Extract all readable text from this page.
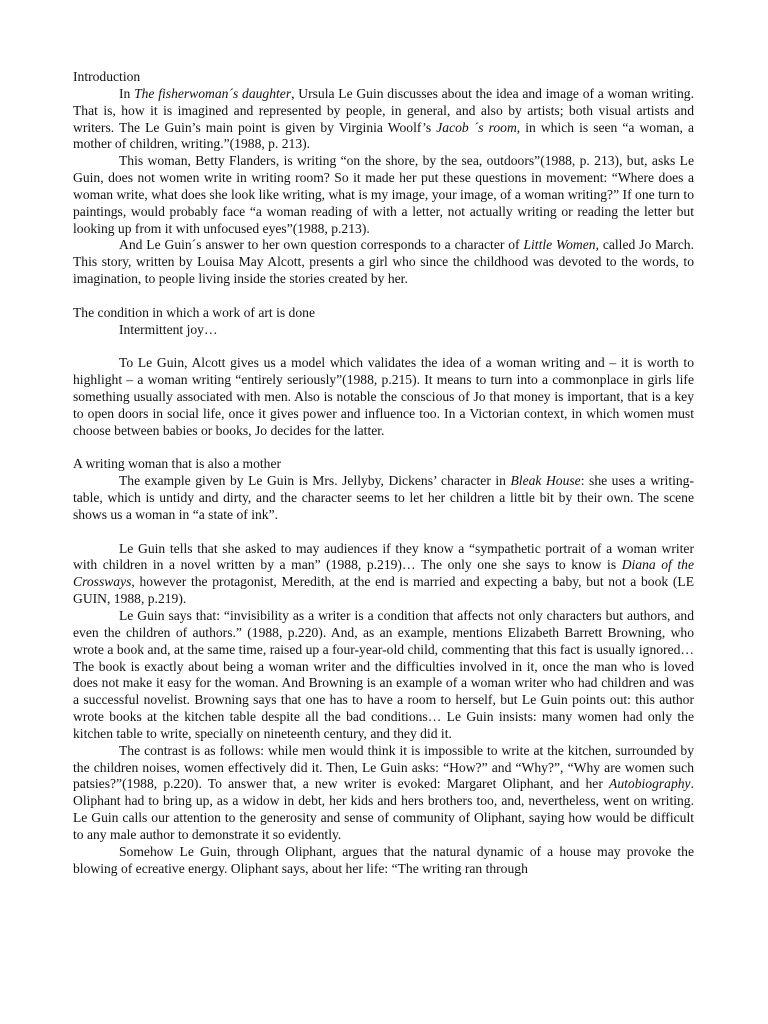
Introduction

In The fisherwoman´s daughter, Ursula Le Guin discusses about the idea and image of a woman writing. That is, how it is imagined and represented by people, in general, and also by artists; both visual artists and writers. The Le Guin’s main point is given by Virginia Woolf’s Jacob ´s room, in which is seen “a woman, a mother of children, writing.”(1988, p. 213).

This woman, Betty Flanders, is writing “on the shore, by the sea, outdoors”(1988, p. 213), but, asks Le Guin, does not women write in writing room? So it made her put these questions in movement: “Where does a woman write, what does she look like writing, what is my image, your image, of a woman writing?” If one turn to paintings, would probably face “a woman reading of with a letter, not actually writing or reading the letter but looking up from it with unfocused eyes”(1988, p.213).

And Le Guin´s answer to her own question corresponds to a character of Little Women, called Jo March. This story, written by Louisa May Alcott, presents a girl who since the childhood was devoted to the words, to imagination, to people living inside the stories created by her.

The condition in which a work of art is done

Intermittent joy…

To Le Guin, Alcott gives us a model which validates the idea of a woman writing and – it is worth to highlight – a woman writing “entirely seriously”(1988, p.215). It means to turn into a commonplace in girls life something usually associated with men. Also is notable the conscious of Jo that money is important, that is a key to open doors in social life, once it gives power and influence too. In a Victorian context, in which women must choose between babies or books, Jo decides for the latter.

A writing woman that is also a mother

The example given by Le Guin is Mrs. Jellyby, Dickens’ character in Bleak House: she uses a writing-table, which is untidy and dirty, and the character seems to let her children a little bit by their own. The scene shows us a woman in “a state of ink”.

Le Guin tells that she asked to may audiences if they know a “sympathetic portrait of a woman writer with children in a novel written by a man” (1988, p.219)… The only one she says to know is Diana of the Crossways, however the protagonist, Meredith, at the end is married and expecting a baby, but not a book (LE GUIN, 1988, p.219).

Le Guin says that: “invisibility as a writer is a condition that affects not only characters but authors, and even the children of authors.” (1988, p.220). And, as an example, mentions Elizabeth Barrett Browning, who wrote a book and, at the same time, raised up a four-year-old child, commenting that this fact is usually ignored… The book is exactly about being a woman writer and the difficulties involved in it, once the man who is loved does not make it easy for the woman. And Browning is an example of a woman writer who had children and was a successful novelist. Browning says that one has to have a room to herself, but Le Guin points out: this author wrote books at the kitchen table despite all the bad conditions… Le Guin insists: many women had only the kitchen table to write, specially on nineteenth century, and they did it.

The contrast is as follows: while men would think it is impossible to write at the kitchen, surrounded by the children noises, women effectively did it. Then, Le Guin asks: “How?” and “Why?”, “Why are women such patsies?”(1988, p.220). To answer that, a new writer is evoked: Margaret Oliphant, and her Autobiography. Oliphant had to bring up, as a widow in debt, her kids and hers brothers too, and, nevertheless, went on writing. Le Guin calls our attention to the generosity and sense of community of Oliphant, saying how would be difficult to any male author to demonstrate it so evidently.

Somehow Le Guin, through Oliphant, argues that the natural dynamic of a house may provoke the blowing of ecreative energy. Oliphant says, about her life: “The writing ran through
